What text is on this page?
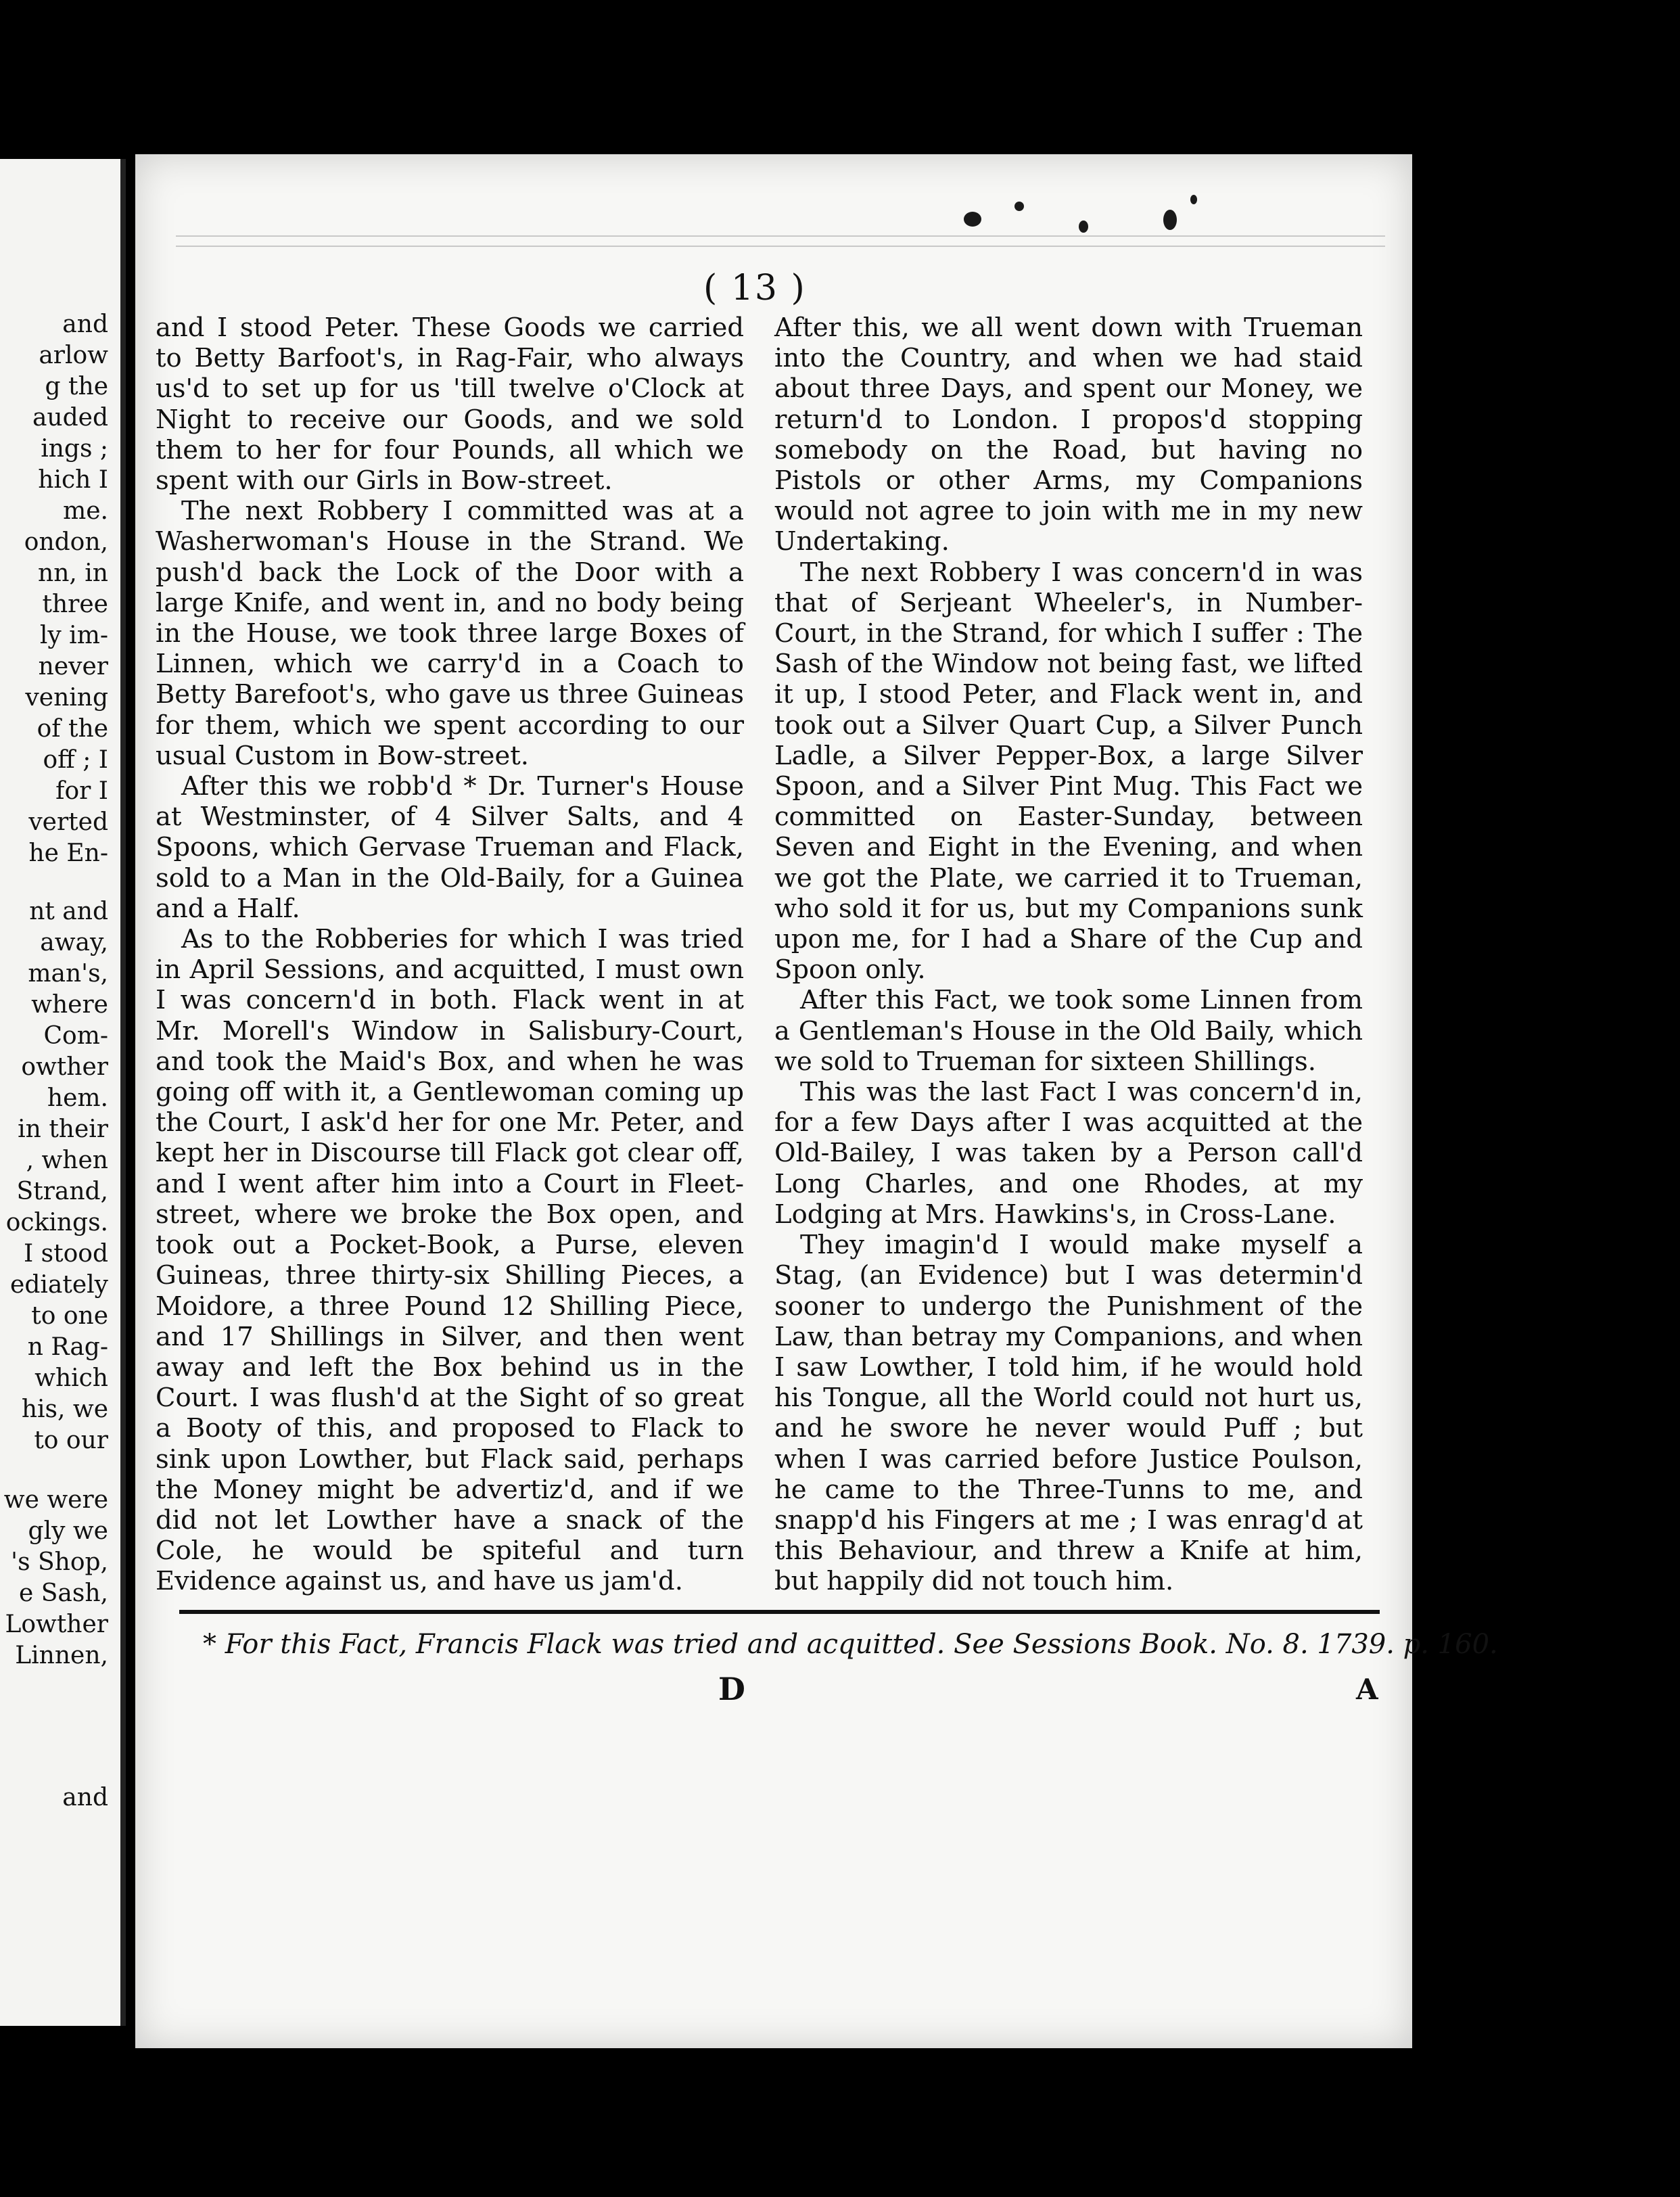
and
arlow
g the
auded
ings ;
hich I
me.
ondon,
nn, in
three
ly im-
never
vening
of the
off ; I
for I
verted
he En-
nt and
away,
man's,
where
Com-
owther
hem.
in their
, when
Strand,
ockings.
I stood
ediately
to one
n Rag-
which
his, we
to our
we were
gly we
's Shop,
e Sash,
Lowther
Linnen,
and
( 13 )

and I stood Peter. These Goods we carried to Betty Barfoot's, in Rag-Fair, who always us'd to set up for us 'till twelve o'Clock at Night to receive our Goods, and we sold them to her for four Pounds, all which we spent with our Girls in Bow-street.

The next Robbery I committed was at a Washerwoman's House in the Strand. We push'd back the Lock of the Door with a large Knife, and went in, and no body being in the House, we took three large Boxes of Linnen, which we carry'd in a Coach to Betty Barefoot's, who gave us three Guineas for them, which we spent according to our usual Custom in Bow-street.

After this we robb'd * Dr. Turner's House at Westminster, of 4 Silver Salts, and 4 Spoons, which Gervase Trueman and Flack, sold to a Man in the Old-Baily, for a Guinea and a Half.

As to the Robberies for which I was tried in April Sessions, and acquitted, I must own I was concern'd in both. Flack went in at Mr. Morell's Window in Salisbury-Court, and took the Maid's Box, and when he was going off with it, a Gentlewoman coming up the Court, I ask'd her for one Mr. Peter, and kept her in Discourse till Flack got clear off, and I went after him into a Court in Fleet-street, where we broke the Box open, and took out a Pocket-Book, a Purse, eleven Guineas, three thirty-six Shilling Pieces, a Moidore, a three Pound 12 Shilling Piece, and 17 Shillings in Silver, and then went away and left the Box behind us in the Court. I was flush'd at the Sight of so great a Booty of this, and proposed to Flack to sink upon Lowther, but Flack said, perhaps the Money might be advertiz'd, and if we did not let Lowther have a snack of the Cole, he would be spiteful and turn Evidence against us, and have us jam'd.

After this, we all went down with Trueman into the Country, and when we had staid about three Days, and spent our Money, we return'd to London. I propos'd stopping somebody on the Road, but having no Pistols or other Arms, my Companions would not agree to join with me in my new Undertaking.

The next Robbery I was concern'd in was that of Serjeant Wheeler's, in Number-Court, in the Strand, for which I suffer : The Sash of the Window not being fast, we lifted it up, I stood Peter, and Flack went in, and took out a Silver Quart Cup, a Silver Punch Ladle, a Silver Pepper-Box, a large Silver Spoon, and a Silver Pint Mug. This Fact we committed on Easter-Sunday, between Seven and Eight in the Evening, and when we got the Plate, we carried it to Trueman, who sold it for us, but my Companions sunk upon me, for I had a Share of the Cup and Spoon only.

After this Fact, we took some Linnen from a Gentleman's House in the Old Baily, which we sold to Trueman for sixteen Shillings.

This was the last Fact I was concern'd in, for a few Days after I was acquitted at the Old-Bailey, I was taken by a Person call'd Long Charles, and one Rhodes, at my Lodging at Mrs. Hawkins's, in Cross-Lane.

They imagin'd I would make myself a Stag, (an Evidence) but I was determin'd sooner to undergo the Punishment of the Law, than betray my Companions, and when I saw Lowther, I told him, if he would hold his Tongue, all the World could not hurt us, and he swore he never would Puff ; but when I was carried before Justice Poulson, he came to the Three-Tunns to me, and snapp'd his Fingers at me ; I was enrag'd at this Behaviour, and threw a Knife at him, but happily did not touch him.

* For this Fact, Francis Flack was tried and acquitted. See Sessions Book. No. 8. 1739. p. 160.
D	A
